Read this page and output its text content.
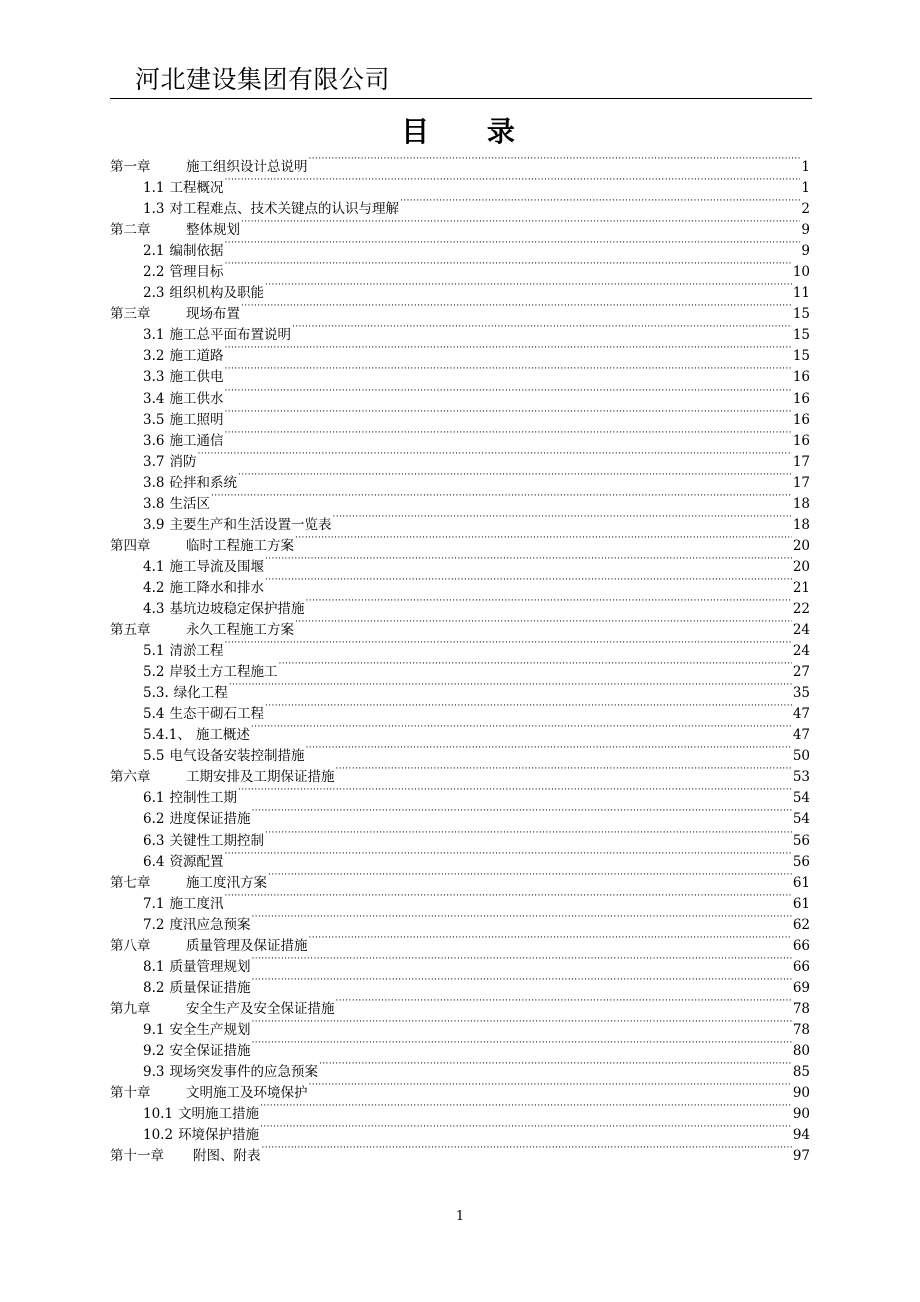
河北建设集团有限公司
目 录
第一章	施工组织设计总说明 ·····	1
1.1 工程概况 ·····	1
1.3 对工程难点、技术关键点的认识与理解 ·····	2
第二章	整体规划 ·····	9
2.1 编制依据 ·····	9
2.2 管理目标 ·····	10
2.3 组织机构及职能 ·····	11
第三章	现场布置 ·····	15
3.1 施工总平面布置说明 ·····	15
3.2 施工道路 ·····	15
3.3 施工供电 ·····	16
3.4 施工供水 ·····	16
3.5 施工照明 ·····	16
3.6 施工通信 ·····	16
3.7 消防 ·····	17
3.8 砼拌和系统 ·····	17
3.8 生活区 ·····	18
3.9 主要生产和生活设置一览表 ·····	18
第四章	临时工程施工方案 ·····	20
4.1 施工导流及围堰 ·····	20
4.2 施工降水和排水 ·····	21
4.3 基坑边坡稳定保护措施 ·····	22
第五章	永久工程施工方案 ·····	24
5.1 清淤工程 ·····	24
5.2 岸驳土方工程施工 ·····	27
5.3. 绿化工程 ·····	35
5.4 生态干砌石工程 ·····	47
5.4.1、 施工概述 ·····	47
5.5 电气设备安装控制措施 ·····	50
第六章	工期安排及工期保证措施 ·····	53
6.1 控制性工期 ·····	54
6.2 进度保证措施 ·····	54
6.3 关键性工期控制 ·····	56
6.4 资源配置 ·····	56
第七章	施工度汛方案 ·····	61
7.1 施工度汛 ·····	61
7.2 度汛应急预案 ·····	62
第八章	质量管理及保证措施 ·····	66
8.1 质量管理规划 ·····	66
8.2 质量保证措施 ·····	69
第九章	安全生产及安全保证措施 ·····	78
9.1 安全生产规划 ·····	78
9.2 安全保证措施 ·····	80
9.3 现场突发事件的应急预案 ·····	85
第十章	文明施工及环境保护 ·····	90
10.1 文明施工措施 ·····	90
10.2 环境保护措施 ·····	94
第十一章	附图、附表 ·····	97
1
